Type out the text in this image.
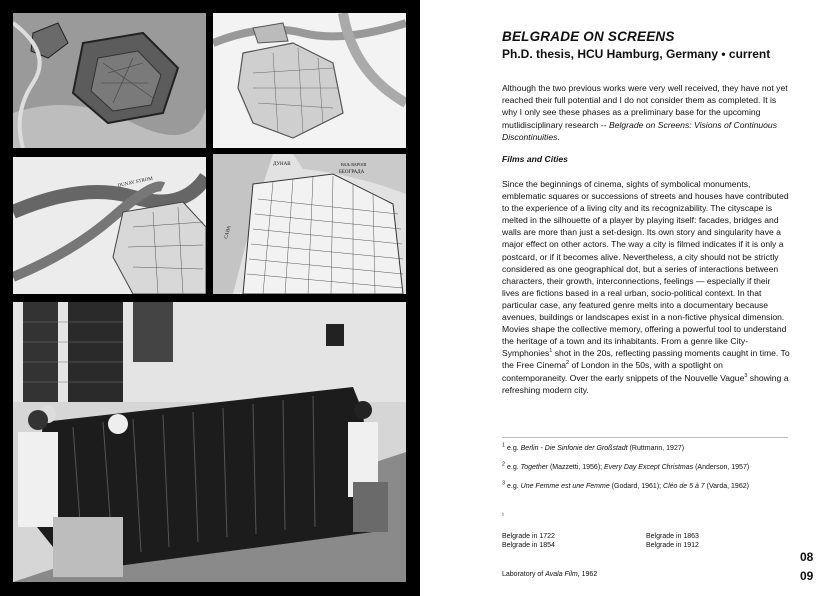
DUNAV STROM
ДУНАВ	ВАЉ ВАРОШ
БЕОГРАДА
САВА
BELGRADE ON SCREENS
Ph.D. thesis, HCU Hamburg, Germany • current

Although the two previous works were very well received, they have not yet reached their full potential and I do not consider them as completed. It is why I only see these phases as a preliminary base for the upcoming mutlidisciplinary research -- Belgrade on Screens: Visions of Continuous Discontinuities.

Films and Cities

Since the beginnings of cinema, sights of symbolical monuments, emblematic squares or successions of streets and houses have contributed to the experience of a living city and its recognizability. The cityscape is melted in the silhouette of a player by playing itself: facades, bridges and walls are more than just a set-design. Its own story and singularity have a major effect on other actors. The way a city is filmed indicates if it is only a postcard, or if it becomes alive. Nevertheless, a city should not be strictly considered as one geographical dot, but a series of interactions between characters, their growth, interconnections, feelings — especially if their lives are fictions based in a real urban, socio-political context. In that particular case, any featured genre melts into a documentary because avenues, buildings or landscapes exist in a non-fictive physical dimension. Movies shape the collective memory, offering a powerful tool to understand the heritage of a town and its inhabitants. From a genre like City-Symphonies$^1$ shot in the 20s, reflecting passing moments caught in time. To the Free Cinema$^2$ of London in the 50s, with a spotlight on contemporaneity. Over the early snippets of the Nouvelle Vague$^3$ showing a refreshing modern city.

$^1$ e.g. Berlin - Die Sinfonie der Großstadt (Ruttmann, 1927)
$^2$ e.g. Together (Mazzetti, 1956); Every Day Except Christmas (Anderson, 1957)
$^3$ e.g. Une Femme est une Femme (Godard, 1961); Cléo de 5 à 7 (Varda, 1962)
¹
Belgrade in 1722
Belgrade in 1854
Belgrade in 1863
Belgrade in 1912
Laboratory of Avala Film, 1962
08
09
